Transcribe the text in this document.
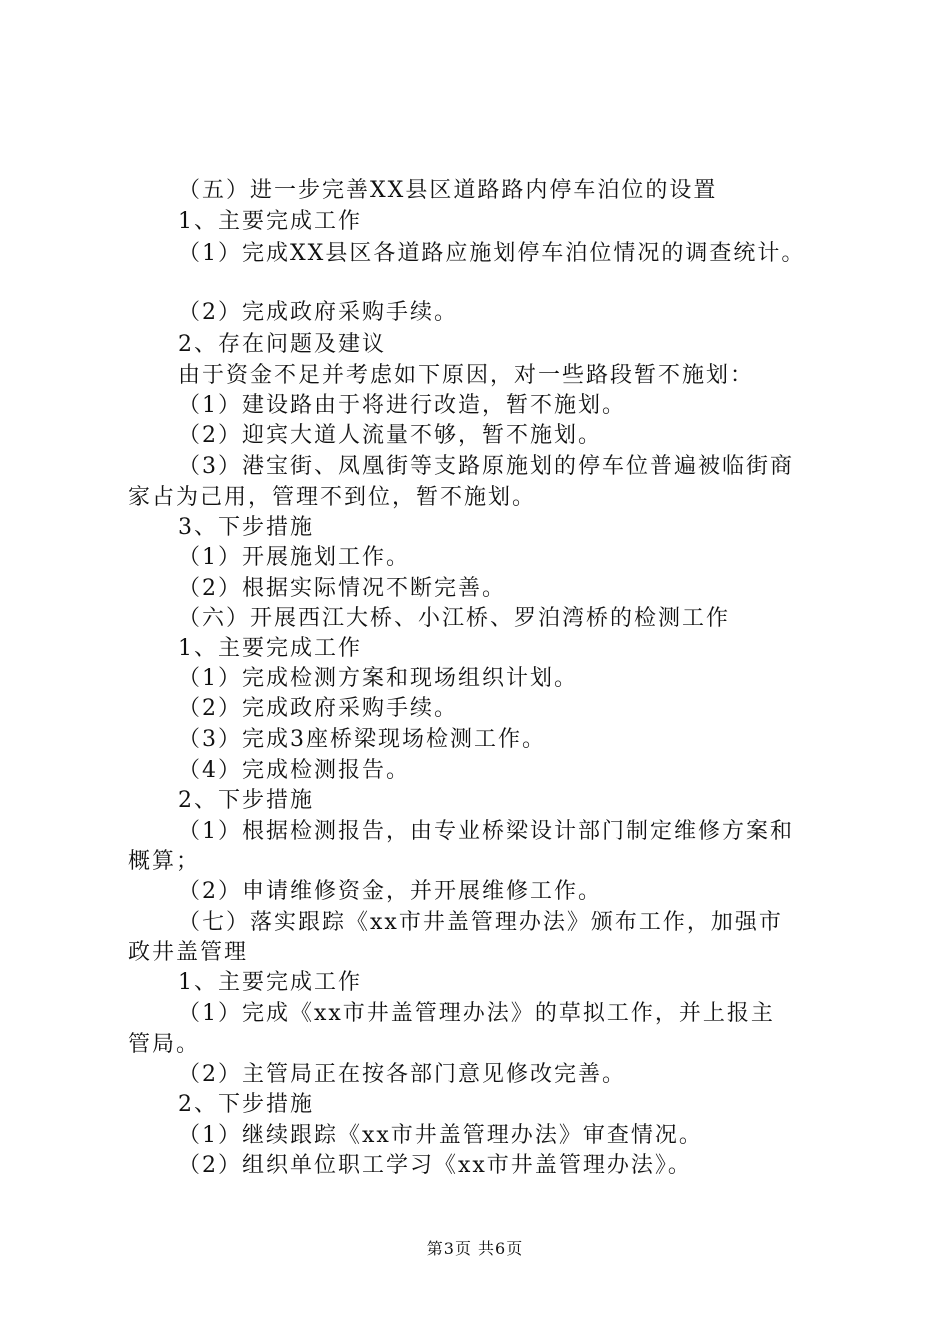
（五）进一步完善XX县区道路路内停车泊位的设置
1、主要完成工作
（1）完成XX县区各道路应施划停车泊位情况的调查统计。
（2）完成政府采购手续。
2、存在问题及建议
由于资金不足并考虑如下原因，对一些路段暂不施划：
（1）建设路由于将进行改造，暂不施划。
（2）迎宾大道人流量不够，暂不施划。
（3）港宝街、凤凰街等支路原施划的停车位普遍被临街商
家占为己用，管理不到位，暂不施划。
3、下步措施
（1）开展施划工作。
（2）根据实际情况不断完善。
（六）开展西江大桥、小江桥、罗泊湾桥的检测工作
1、主要完成工作
（1）完成检测方案和现场组织计划。
（2）完成政府采购手续。
（3）完成3座桥梁现场检测工作。
（4）完成检测报告。
2、下步措施
（1）根据检测报告，由专业桥梁设计部门制定维修方案和
概算；
（2）申请维修资金，并开展维修工作。
（七）落实跟踪《xx市井盖管理办法》颁布工作，加强市
政井盖管理
1、主要完成工作
（1）完成《xx市井盖管理办法》的草拟工作，并上报主
管局。
（2）主管局正在按各部门意见修改完善。
2、下步措施
（1）继续跟踪《xx市井盖管理办法》审查情况。
（2）组织单位职工学习《xx市井盖管理办法》。
第3页 共6页
